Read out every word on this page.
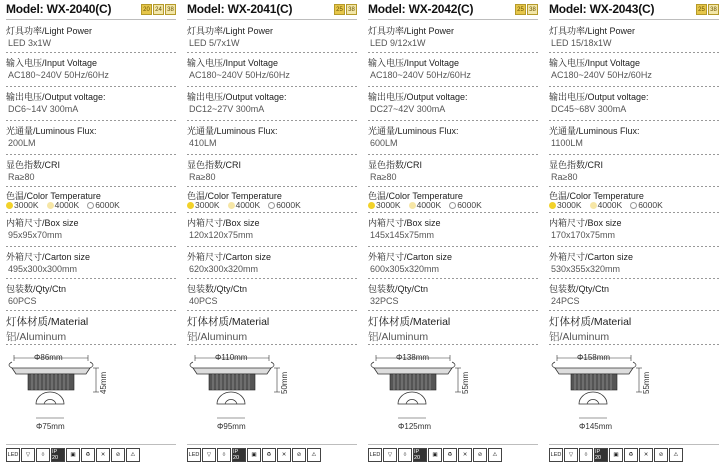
Model: WX-2040(C)	20 24 38
灯具功率/Light Power
LED 3x1W
输入电压/Input Voltage
AC180~240V 50Hz/60Hz
输出电压/Output voltage:
DC6~14V 300mA
光通量/Luminous Flux:
200LM
显色指数/CRI
Ra≥80
内箱尺寸/Box size
95x95x70mm
外箱尺寸/Carton size
495x300x300mm
包装数/Qty/Ctn
60PCS
色温/Color Temperature
3000K 4000K 6000K
灯体材质/Material
铝/Aluminum
Φ86mm
45mm
Φ75mm
LED	▽	◊	IP 20	▣	♻	✕	⊘	⚠
Model: WX-2041(C)	25 38
灯具功率/Light Power
LED 5/7x1W
输入电压/Input Voltage
AC180~240V 50Hz/60Hz
输出电压/Output voltage:
DC12~27V 300mA
光通量/Luminous Flux:
410LM
显色指数/CRI
Ra≥80
内箱尺寸/Box size
120x120x75mm
外箱尺寸/Carton size
620x300x320mm
包装数/Qty/Ctn
40PCS
色温/Color Temperature
3000K 4000K 6000K
灯体材质/Material
铝/Aluminum
Φ110mm
50mm
Φ95mm
LED	▽	◊	IP 20	▣	♻	✕	⊘	⚠
Model: WX-2042(C)	25 38
灯具功率/Light Power
LED 9/12x1W
输入电压/Input Voltage
AC180~240V 50Hz/60Hz
输出电压/Output voltage:
DC27~42V 300mA
光通量/Luminous Flux:
600LM
显色指数/CRI
Ra≥80
内箱尺寸/Box size
145x145x75mm
外箱尺寸/Carton size
600x305x320mm
包装数/Qty/Ctn
32PCS
色温/Color Temperature
3000K 4000K 6000K
灯体材质/Material
铝/Aluminum
Φ138mm
55mm
Φ125mm
LED	▽	◊	IP 20	▣	♻	✕	⊘	⚠
Model: WX-2043(C)	25 38
灯具功率/Light Power
LED 15/18x1W
输入电压/Input Voltage
AC180~240V 50Hz/60Hz
输出电压/Output voltage:
DC45~68V 300mA
光通量/Luminous Flux:
1100LM
显色指数/CRI
Ra≥80
内箱尺寸/Box size
170x170x75mm
外箱尺寸/Carton size
530x355x320mm
包装数/Qty/Ctn
24PCS
色温/Color Temperature
3000K 4000K 6000K
灯体材质/Material
铝/Aluminum
Φ158mm
55mm
Φ145mm
LED	▽	◊	IP 20	▣	♻	✕	⊘	⚠
